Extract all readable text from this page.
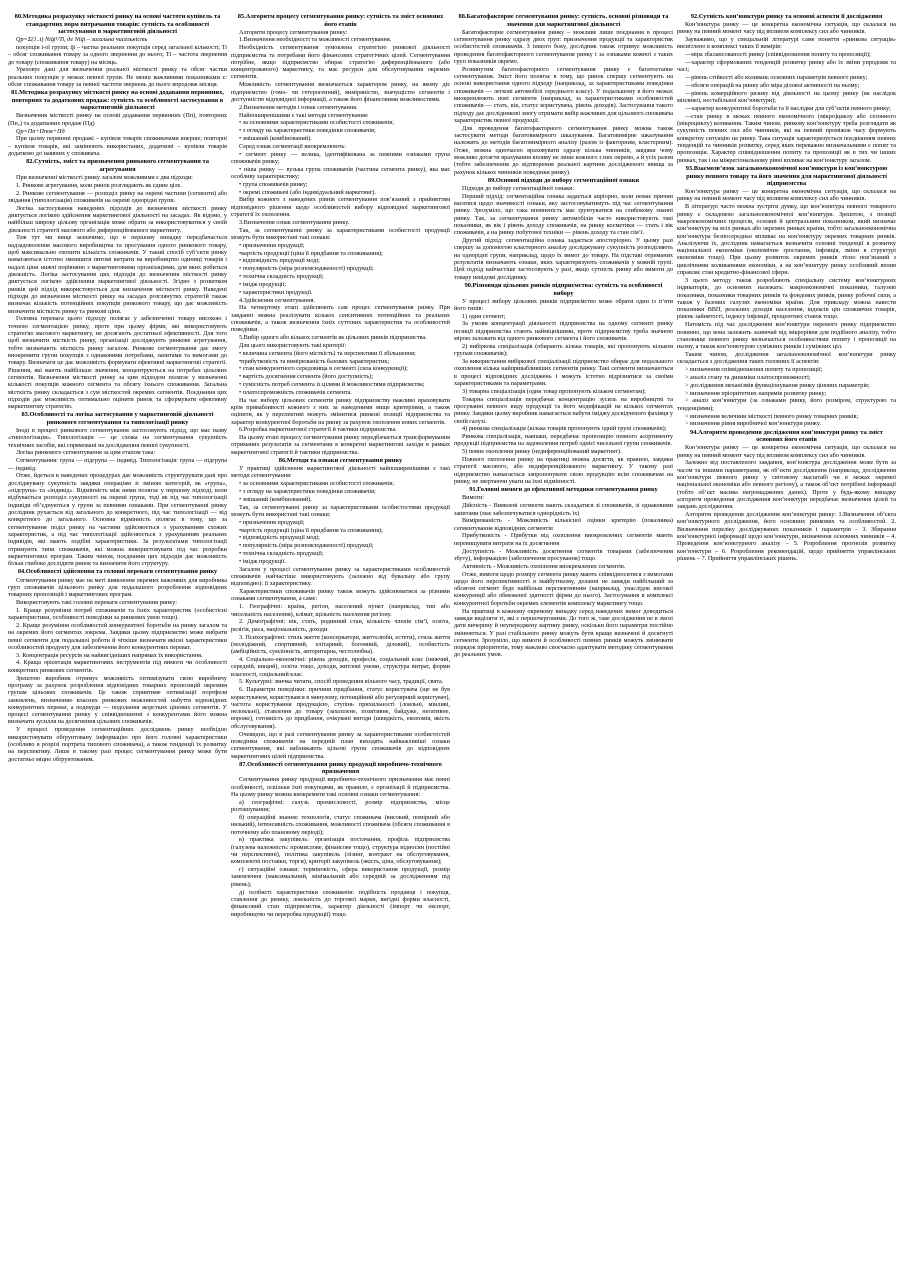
80.Методика розрахунку місткості ринку на основі частоти купівель та стандартних норм витрачання товарів: сутність та особливості застосування в маркетинговій діяльності

Qр=Σ(1..t) Niq̄i¹/Ti, де Niq̄i – загальна чисельність

покупців i-ої групи; q̄i – частка реальних покупців серед загальної кількості; Ti – обсяг споживання товару за одного звернення до нього; Ti – частота звернення до товару (споживання товару) на місяць.

Ураховує дані для визначення реальної місткості ринку та обсяг частки реальних покупців у межах певної групи. Не менш важливими показниками є: обсяг споживання товару за певної частоти звернень до нього впродовж місяця.

81.Методика розрахунку місткості ринку на основі додавання первинних, повторних та додаткових продаж: сутність та особливості застосування в маркетинговій діяльності

Визначення місткості ринку на основі додавання первинних (Пп), повторних (Пп₂) та додаткових продаж (Пд)

Qр=Пп+Ппов+Пд

При цьому первинні продажі – купівля товарів споживачами вперше; повторні – купівля товарів, які замінюють використаних, додаткові – купівля товарів додатково до наявних у споживача.

82.Сутність, зміст та призначення ринкового сегментування та агрегування

При визначенні місткості ринку загалом можливими є два підходи:

1. Ринкове агрегування, коли ринок розглядають як єдине ціле.

2. Ринкове сегментування — розподіл ринку на окремі частини (сегменти) або звідання (типологізація) споживачів на окремі однорідні групи.

Логіка застосування наведених підходів до визначення місткості ринку диктується логікою здійснення маркетингової діяльності на засадах. Як відомо, у найбільш широку цільову організація може обрати за використовуватися у своїй діяльності стратегії масового або диференційованого маркетингу.

Тож тут ми вище зазначимо, що в першому випадку передбачається надзадоволення масового виробництва та просування одного ринкового товару, щоб максимально охопити кількість споживачів. У такий спосіб суб’єкти ринку намагаються істотно зменшити питомі витрати на виробництво одиниці товарів і надалі ціни нижчі порівняно з маркетинговими організаціями, для яких робиться діяльність. Логіка застосування цих підходів до визначення місткості ринку диктується логікою здійснення маркетингової діяльності. Згідно з розвитком ринків цей підхід використовується для визначення місткості ринку. Наведені підходи до визначення місткості ринку на засадах розглянутих стратегій також визначає кількість потенційних покупців ринкового товару, що дає можливість визначити місткість ринку та ринкові ціни.

Головна перевага цього підходу полягає у забезпеченні товару високою і точною сегментацією ринку, проте при цьому фірми, які використовують стратегію масового маркетингу, не досягають достатньої ефективності. Для того щоб визначити місткість ринку, організації досліджують ринкове агрегування, тобто визначають місткість ринку загалом. Ринкове сегментування дає змогу виокремити групи покупців з однаковими потребами, запитами та вимогами до товару. Визначати це дає можливість формувати ефективні маркетингові стратегії. Рішення, які мають найбільше значення, концентруються на потребах цільових сегментів. Визначення місткості ринку за цим підходом полягає у визначенні кількості покупців кожного сегмента та обсягу їхнього споживання. Загальна місткість ринку складається з сум місткостей окремих сегментів. Поєднання цих підходів дає можливість оптимально оцінити ринок та сформувати ефективну маркетингову стратегію.

83.Особливості та логіка застосування у маркетинговій діяльності ринкового сегментування та типологізації ринку

Іноді в процесі ринкового сегментування застосовують підхід, що має назву «типологізація». Типологізація — це схожа на сегментування сукупність технічних засобів, які спрямовані на дослідження певної сукупності.

Логіка ринкового сегментування за цим етапом така:

Сегментування: група — підгрупа — індивід. Типологізація: група — підгрупа — індивід.

Отже, йдеться в наведених процедурах дає можливість структурувати дані про досліджувану сукупність завдяки операціям зі зміною категорій, як «група», «підгрупа» та «індивід». Відмінність між ними полягає у першому підході, коли відбувається розподіл сукупності на окремі групи, тоді як під час типологізації індивіди об’єднуються у групи за певними ознаками. При сегментуванні ринку дослідник рухається від загального до конкретного, під час типологізації — від конкретного до загального. Основна відмінність полягає в тому, що за сегментування поділ ринку на частини здійснюється з урахуванням схожих характеристик, а під час типологізації здійснюється з урахуванням реальних індивідів, які мають подібні характеристики. За результатами типологізації отримують типи споживачів, які можна використовувати під час розробки маркетингових програм. Таким чином, поєднання цих підходів дає можливість більш глибоко дослідити ринок та визначити його структуру.

84.Особливості здійснення та головні переваги сегментування ринку

Сегментування ринку має на меті виявлення окремих важливих для виробника груп споживачів цільового ринку для подальшого розроблення відповідних товарних пропозицій і маркетингових програм.

Використовують такі головні переваги сегментування ринку:

1. Краще розуміння потреб споживачів та їхніх характеристик (особистісні характеристики, особливості поведінки за ринкових умов тощо).

2. Краще розуміння особливостей конкурентної боротьби на ринку загалом та на окремих його сегментах зокрема. Завдяки цьому підприємство може вибрати певні сегменти для подальшої роботи й чіткіше визначати якісні характеристики особливостей продукту для забезпечення його конкурентних переваг.

3. Концентрація ресурсів на найвигідніших напрямах їх використання.

4. Краща орієнтація маркетингових інструментів під вимоги чи особливості конкретних ринкових сегментів.

Зрештою виробник отримує можливість оптимізувати свою виробничу програму за рахунок розроблення відповідних товарних пропозицій окремим групам цільових споживачів. Це також сприятиме оптимізації портфеля замовлень, визначенню власних ринкових можливостей набуття відповідних конкурентних переваг, а подекуди — подолання жорстких цінових сегментів. У процесі сегментування ринку у співвідношенні з конкурентами його можна визначати зусилля на досягнення цільових споживачів.

У процесі проведення сегментаційних досліджень ринку необхідно використовувати обґрунтовану інформацію про його головні характеристики (особливо в розрізі портрета типового споживача), а також тенденції їх розвитку на перспективу. Лише в такому разі процес сегментування ринку може бути достатньо міцно обґрунтованим.

85.Алгоритм процесу сегментування ринку: сутність та зміст основних його етапів

Алгоритм процесу сегментування ринку:

1.Визначення необхідності та можливості сегментування.

Необхідність сегментування зумовлена стратегією ринкової діяльності підприємства та потребами його фінансових стратегічних цілей. Сегментування потрібне, якщо підприємство обирає стратегію диференційованого (або концентрованого) маркетингу, та має ресурси для обслуговування окремих сегментів.

Можливість сегментування визначається характером ринку, на якому діє підприємство (гомо- чи гетерогенний), виміряністю, значущістю сегментів і доступністю відповідної інформації, а також його фінансовими можливостями.

2.Визначення методів і ознак сегментування.

Найпоширенішими є такі методи сегментування:

• за основними характеристиками особистості споживачів;

• з огляду на характеристики поведінки споживачів;

• змішаний (комбінований).

Серед ознак сегментації виокремлюють:

• сегмент ринку — велика, ідентифікована за певними ознаками група споживачів ринку;

• ніша ринку — вузька група споживачів (частина сегмента ринку), яка має особливу характеристику;

• група споживачів ринку;

• окремі споживачі (або індивідуальний маркетинг).

Вибір кожного з наведених рівнів сегментування пов’язаний з прийняттям відповідного рішення щодо особливостей вибору відповідної маркетингової стратегії їх охоплення.

3.Визначення ознак сегментування ринку.

Так, за сегментуванні ринку за характеристиками особистості продукції можуть бути використані такі ознаки:

• призначення продукції;

•вартість продукції (ціна її придбання та споживання);

• відповідність продукції моді;

• популярність (міра розповсюдженості) продукції;

• технічна складність продукції;

• імідж продукції;

• характеристики продукції.

4.Здійснення сегментування.

На четвертому етапі здійснюють сам процес сегментування ринку. При завданні можна реалізувати кількох сенситивних потенційних та реальних споживачів, а також визначення їхніх суттєвих характеристик та особливостей поведінки.

5.Вибір одного або кількох сегментів як цільових ринків підприємства.

Для цього використовують такі критерії:

• величина сегмента (його місткість) та перспективи її збільшення;

•прибутковість та вимірюваність базових характеристик;

• стан конкурентного середовища в сегменті (сила конкуренції);

• вартість досягнення сегмента (його доступність);

• сумісність потреб сегмента із цілями й можливостями підприємства;

• платоспроможність споживачів сегмента.

На час вибору цільових сегментів ринку підприємству важливо враховувати крім привабливості кожного з них за наведеними вище критеріями, а також оцінити, як у перспективі можуть змінитися ринкові позиції підприємства та характер конкурентної боротьби на ринку за рахунок охоплення нових сегментів.

6.Розробка маркетингової стратегії й тактики підприємства.

На цьому етапі процесу сегментування ринку передбачається трансформування отриманих результатів за сегментами в конкретні маркетингові заходи в рамках маркетингової стратегії й тактики підприємства.

86.Методи та ознаки сегментування ринку

У практиці здійснення маркетингової діяльності найпоширенішими є такі методи сегментування:

• за основними характеристиками особистості споживачів;

• з огляду на характеристики поведінки споживачів;

• змішаний (комбінований).

Так, за сегментуванні ринку за характеристиками особистостями продукції можуть бути використані такі ознаки:

• призначення продукції;

•вартість продукції (ціна її придбання та споживання);

• відповідність продукції моді;

• популярність (міра розповсюдженості) продукції;

• технічна складність продукції;

• імідж продукції.

Загалом у процесі сегментування ринку за характеристиками особливостей споживачів найчастіше використовують (залежно від бувальну або групу відповідно): ії характеристику.

Характеристики споживачів ринку також можуть здійснюватися за різними ознаками сегментування, а саме:

1. Географічні: країна, регіон, населений пункт (наприклад, тип або чисельність населення), клімат, щільність населення регіону.

2. Демографічні: вік, стать, родинний стан, кількість членів сім’ї, освіта, релігія, раса, національність, доходи.

3. Психографічні: стиль життя (консерватори, життєлюби, естети), стиль життя (молодіжний, спортивний, елітарний, богемний, діловий), особистість (амбіційність, сумлінність, авторитарна, честолюбна).

4. Соціально-економічні: рівень доходів, професія, соціальний клас (нижчий, середній, вищий), освіта тощо, доходи, житлові умови, структура витрат, форми власності, соціальний клас.

5. Культурні: звичка читати, спосіб проведення вільного часу, традиції, свята.

6. Параметри поведінки: причини придбання, статус користувача (ще не був користувачем, користувався в минулому, потенційний або регулярний користувач), частота користування продукцією, ступінь прихильності (лояльні, мінливі, нелояльні), ставлення до товару (захоплене, позитивне, байдуже, негативне, вороже), готовність до придбання, очікувані вигоди (швидкість, економія, якість обслуговування).

Очевидно, що в разі сегментування ринку за характеристиками особистостей поведінки споживачів на передній план виходять найважливіші ознаки сегментування, які наближають цільові групи споживачів до відповідних маркетингових цілей підприємства.

87.Особливості сегментування ринку продукції виробничо-технічного призначення

Сегментування ринку продукції виробничо-технічного призначення має певні особливості, оскільки їхні покупцями, як правило, є організації й підприємства. На цьому ринку можна виокремити такі основні ознаки сегментування:

а) географічні: галузь промисловості, розмір підприємства, місце розташування;

б) операційні знання: технологія, статус споживача (високий, помірний або низький), інтенсивність споживання, можливості споживача (обсяги споживання в поточному або плановому періоді);

в) практика закупівель: організація постачання, профіль підприємства (галузева належність: промислове, фінансове тощо), структура відносин (постійні чи перспективні), політика закупівель (лізинг, контракт на обслуговування, комплектні поставки, торги), критерії закупівель (якість, ціна, обслуговування);

г) ситуаційні ознаки: терміновість, сфера використання продукції, розмір замовлення (максимальний, мінімальний або середній за дослідженням під рівень);

д) особисті характеристики споживачів: подібність продавця і покупця, ставлення до ризику, лояльність до торгової марки, вигідні форми власності, фінансовий стан підприємства, характер діяльності (імпорт чи експорт, виробництво чи переробка продукції) тощо.

88.Багатофакторне сегментування ринку: сутність, основні різновиди та значення для маркетингової діяльності

Багатофакторне сегментування ринку – можливе лише поєднання в процесі сегментування ринку одразу двох груп: призначення продукції та характеристик особистостей споживачів. З іншого боку, дослідник також отримує можливість проведення багатофакторного сегментування ринку і за ознаками кожної з таких груп показників окремо.

Розвинутим багатофакторного сегментування ринку є багатоетапне сегментування. Зміст його полягає в тому, що ринок спершу сегментують на основі використання одного підходу (наприклад, за характеристиками поведінки споживачів — легкові автомобілі середнього класу). У подальшому в його межах виокремлюють нові сегменти (наприклад, за характеристиками особливостей споживачів — стать, вік, статус користувача, рівень доходів). Застосування такого підходу дає дослідникові змогу отримати вибір важливих для цільового споживача характеристик певної продукції.

Для проведення багатофакторного сегментування ринку можна також застосувати методи багатовимірного шкалування. Багатовимірне шкалування належить до методів багатовимірного аналізу (разом із факторним, кластерним). Отже, можна одночасно враховувати одразу кілька чинників, завдяки чому можливо досягти врахування впливу не лише кожного з них окремо, а й усіх разом (тобто забезпечення до відтворення реальної картини дослідженого явища за рахунок кількох чинників поведінки ринку).

89.Основні підходи до вибору сегментаційної ознаки

Підходи до вибору сегментаційної ознаки:

Перший підхід: сегментаційна ознака задається апріорно, коли немає причин вагатися щодо значимості ознаки, яку застосовуватимуть під час сегментування ринку. Зрозуміло, що така впевненість має ґрунтуватися на глибокому знанні ринку. Так, за сегментування ринку автомобілів часто використовують такі показники, як вік і рівень доходу споживачів, на ринку косметики — стать і вік споживачів, а на ринку побутової техніки — рівень доходу та стан сім’ї.

Другий підхід: сегментаційна ознака задається апостеріорно. У цьому разі спершу за допомогою кластерного аналізу досліджувану сукупність розподіляють на однорідні групи, наприклад, щодо їх вимог до товару. На підставі отриманих результатів визначають ознаки, яких характеризують споживачів у кожній групі. Цей підхід найчастіше застосовують у разі, якщо сутність ринку або вимоги до товару невідомі досліднику.

90.Різновиди цільових ринків підприємства: сутність та особливості вибору

У процесі вибору цільових ринків підприємство може обрати один із п’яти його типів:

1) один сегмент;

За умови концентрації діяльності підприємства на одному сегменті ринку позиції підприємства стають найміцнішими, проте підприємству треба значною мірою залежати від одного ринкового сегмента і його споживачів.

2) вибіркова спеціалізація (обирають кілька товарів, які пропонують кільком групам споживачів);

За використання вибіркової спеціалізації підприємство обирає для подальшого охоплення кілька найпривабливіших сегментів ринку. Такі сегменти визначаються в процесі відповідних досліджень і можуть істотно відрізнятися за своїми характеристиками та параметрами.

3) товарна спеціалізація (один товар пропонують кільком сегментам);

Товарна спеціалізація передбачає концентрацію зусиль на виробництві та просуванні певного виду продукції та його модифікацій на кількох сегментах ринку. Завдяки цьому виробник намагається набути іміджу досвідченого фахівця у своїй галузі.

4) ринкова спеціалізація (кілька товарів пропонують одній групі споживачів);

Ринкова спеціалізація, навпаки, передбачає пропозицію певного асортименту продукції підприємства на задоволення потреб однієї чисельної групи споживачів.

5) повне охоплення ринку (недиференційований маркетинг).

Повного охоплення ринку на практиці можна досягти, як правило, завдяки стратегії масового, або недиференційованого маркетингу. У такому разі підприємство намагається запропонувати свою продукцію всім споживачам на ринку, не звертаючи уваги на їхні відмінності.

91.Головні вимоги до ефективної методики сегментування ринку

Вимоги:

Дійсність - Виявлені сегменти мають складатися зі споживачів, зі однаковими запитами (має забезпечуватися однорідність їх)

Вимірюваність - Можливість кількісної оцінки критерію (показника) сегментування відповідних сегментів

Прибутковість - Прибутки від охоплення виокремлених сегментів мають перевищувати витрати на їх досягнення

Доступність - Можливість досягнення сегментів товарами (забезпечення збуту), інформацією (забезпечення просування) тощо

Активність - Можливість охоплення виокремлених сегментів.

Отже, вимоги щодо розміру сегмента ринку мають співвідноситися з вимогами щодо його перспективності в майбутньому, доланні не завжди найбільший за обсягом сегмент буде найбільш перспективним (наприклад, унаслідок високої конкуренції або обмеженої здатності фірми до нього). Застосування в комплексі конкурентної боротьби окремих елементів комплексу маркетингу тощо.

На практиці в кожному окремому випадку серед наведених вимог доводиться завжди виділяти ті, які є першочерговими. До того ж, таке дослідження не в змозі дати вичерпну й неупереджену картину ринку, оскільки його параметри постійно змінюються. У разі стабільного ринку можуть бути краще визначені й досягнуті сегменти. Зрозуміло, що вимоги й особливості певних ринків можуть змінювати порядок пріоритетів, тому важливо своєчасно адаптувати методику сегментування до реальних умов.

92.Сутність кон’юнктури ринку та основні аспекти її дослідження

Кон’юнктура ринку — це конкретна економічна ситуація, що склалася на ринку на певний момент часу під впливом комплексу сил або чинників.

Зауважимо, що у спеціальній літературі саме поняття «ринкова ситуація» висвітлено в комплексі таких її вимірів:

—міра збалансованості ринку (співвідношення попиту та пропозиції);

—характер сформованих тенденцій розвитку ринку або їх зміни упродовж та часі;

—рівень стійкості або коливань основних параметрів певного ринку;

—обсяги операцій на ринку або міра ділової активності на ньому;

—рівень комерційного ризику від діяльності на цьому ринку (як наслідок мінливої, нестабільної кон’юнктури);

—характер конкурентної боротьби та її наслідки для суб’єктів певного ринку;

—стан ринку в межах певного економічного (мікро)циклу або сезонного (мікроциклу) коливання. Таким чином, ринкову кон’юнктуру треба розглядати як сукупність певних сил або чинників, які на певний проміжок часу формують конкретну ситуацію на ринку. Така ситуація характеризується поєднанням певних тенденцій та чинників розвитку, серед яких переважно визначальними є попит та пропозиція. Характер співвідношення попиту та пропозиції як в тих чи інших ринках, так і на міжрегіональному рівні впливає на кон’юнктуру загалом.

93.Взаємозв’язок загальноекономічної кон’юнктури із кон’юнктурою ринку певного товару та його значення для маркетингової діяльності підприємства

Кон’юнктура ринку — це конкретна економічна ситуація, що склалася на ринку на певний момент часу під впливом комплексу сил або чинників.

В літературі часто можна зустріти думку, що кон’юнктура певного товарного ринку є складовою загальноекономічної кон’юнктури. Зрештою, з позиції макроекономічних процесів, основні й центральним показником, який визначає кон’юнктуру на всіх ринках або окремих ринках країни, тобто загальноекономічна кон’юнктура безпосередньо впливає на кон’юнктуру окремих товарних ринків. Аналізуючи їх, дослідник намагається визначити основні тенденції в розвитку національної економіки (економічне зростання, інфляція, зміни в структурі економіки тощо). При цьому розвиток окремих ринків тісно пов’язаний з циклічними коливаннями економіки, а на кон’юнктуру ринку особливий вплив справляє стан кредитно-фінансової сфери.

З цього методу також розробляють спеціальну систему кон’юнктурних індикаторів, до основних належать: макроекономічні показники, галузеві показники, показники товарних ринків та фондових ринків, ринку робочої сили, а також у базових галузях економіки країни. Для прикладу можна навести показники ВВП, реальних доходів населення, індексів цін споживчих товарів, рівень зайнятості, індексу інфляції, процентних ставок тощо.

Натомість під час дослідження кон’юнктури окремого ринку підприємство повинно, що вона залежить зазвичай від мікрорівня для подібного аналізу, тобто становище певного ринку визначається особливостями попиту і пропозиції на ньому, а також кон’юнктурою суміжних ринків і суміжних ціл.

Таким чином, дослідження загальноекономічної кон’юнктури ринку складається з дослідження таких головних її аспектів:

> визначення співвідношення попиту та пропозиції;

> аналіз стану та динаміки платоспроможності;

> дослідження механізмів функціонування ринку цінових параметрів;

> визначення пріоритетних напрямів розвитку ринку;

> аналіз кон’юнктури (за ознаками ринку, його розміром, структурою та тенденціями);

> визначення величини місткості певного ринку товарних ринків;

> визначення рівня виробничої кон’юнктури ринку.

94.Алгоритм проведення дослідження кон’юнктури ринку та зміст основних його етапів

Кон’юнктура ринку — це конкретна економічна ситуація, що склалася на ринку на певний момент часу під впливом комплексу сил або чинників.

Залежно від поставленого завдання, кон’юнктура дослідження може бути за часом та іншими параметрами, як об’єкти дослідження (наприклад, дослідження кон’юнктури певного ринку у світовому масштабі чи в межах окремої національної економіки або певного регіону), а також об’єкт потрібної інформації (тобто об’єкт масива нагромаджених даних). Проте у будь-якому випадку алгоритм проведення дослідження кон’юнктури передбачає визначення цілей та завдань дослідження.

Алгоритм проведення дослідження кон’юнктури ринку: 1.Визначення об’єкта кон’юнктурного дослідження, його основних ринкових та особливостей. 2. Визначення переліку досліджуваних показників і параметрів – 3. Збирання кон’юнктурної інформації щодо кон’юнктури, визначення основних чинників – 4. Проведення кон’юнктурного аналізу – 5. Розроблення прогнозів розвитку кон’юнктури – 6. Розроблення рекомендацій, щодо прийняття управлінських рішень – 7. Прийняття управлінських рішень.
